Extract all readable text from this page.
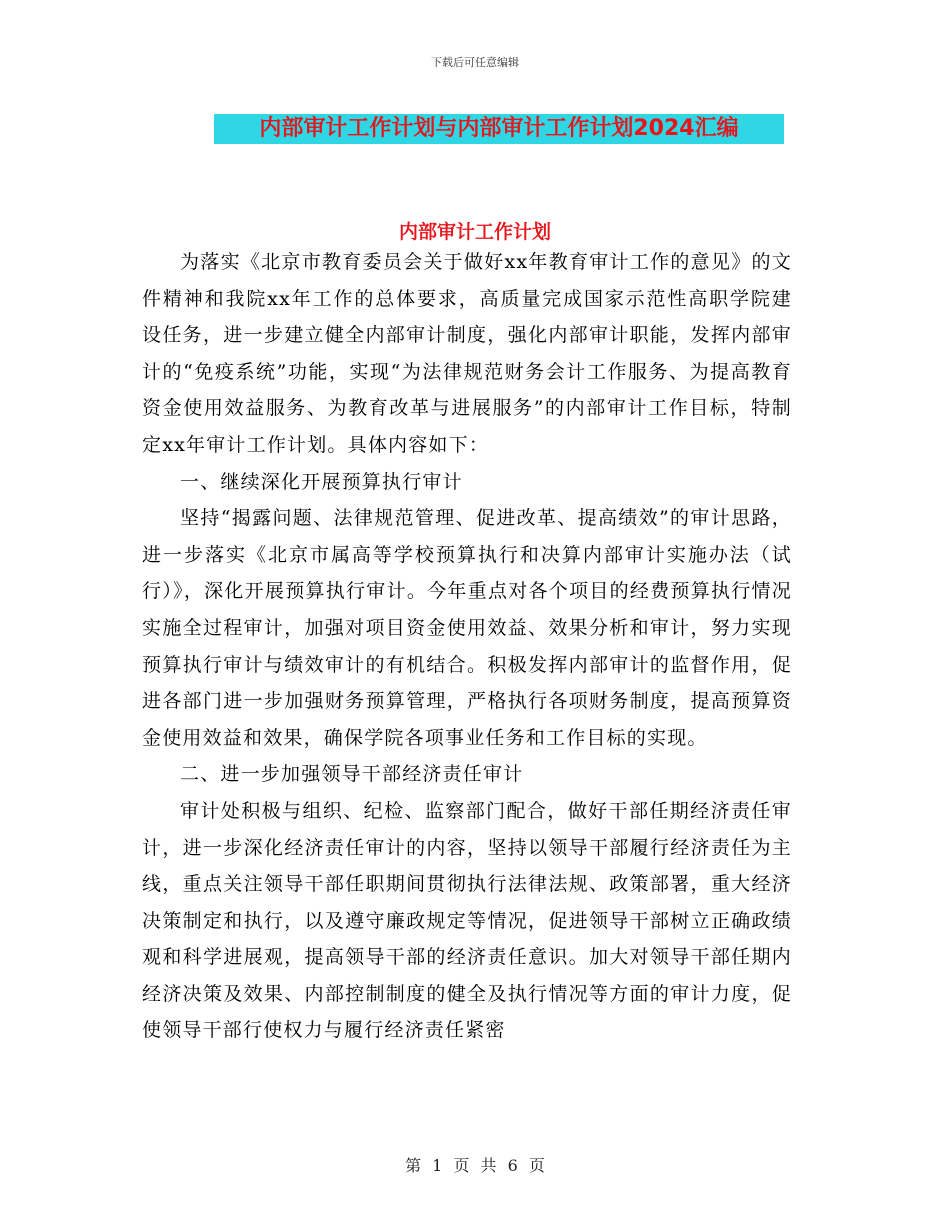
下载后可任意编辑
内部审计工作计划与内部审计工作计划2024汇编
内部审计工作计划

为落实《北京市教育委员会关于做好xx年教育审计工作的意见》的文件精神和我院xx年工作的总体要求，高质量完成国家示范性高职学院建设任务，进一步建立健全内部审计制度，强化内部审计职能，发挥内部审计的“免疫系统”功能，实现“为法律规范财务会计工作服务、为提高教育资金使用效益服务、为教育改革与进展服务”的内部审计工作目标，特制定xx年审计工作计划。具体内容如下：

一、继续深化开展预算执行审计

坚持“揭露问题、法律规范管理、促进改革、提高绩效”的审计思路，进一步落实《北京市属高等学校预算执行和决算内部审计实施办法（试行）》，深化开展预算执行审计。今年重点对各个项目的经费预算执行情况实施全过程审计，加强对项目资金使用效益、效果分析和审计，努力实现预算执行审计与绩效审计的有机结合。积极发挥内部审计的监督作用，促进各部门进一步加强财务预算管理，严格执行各项财务制度，提高预算资金使用效益和效果，确保学院各项事业任务和工作目标的实现。

二、进一步加强领导干部经济责任审计

审计处积极与组织、纪检、监察部门配合，做好干部任期经济责任审计，进一步深化经济责任审计的内容，坚持以领导干部履行经济责任为主线，重点关注领导干部任职期间贯彻执行法律法规、政策部署，重大经济决策制定和执行，以及遵守廉政规定等情况，促进领导干部树立正确政绩观和科学进展观，提高领导干部的经济责任意识。加大对领导干部任期内经济决策及效果、内部控制制度的健全及执行情况等方面的审计力度，促使领导干部行使权力与履行经济责任紧密

第 1 页 共 6 页
